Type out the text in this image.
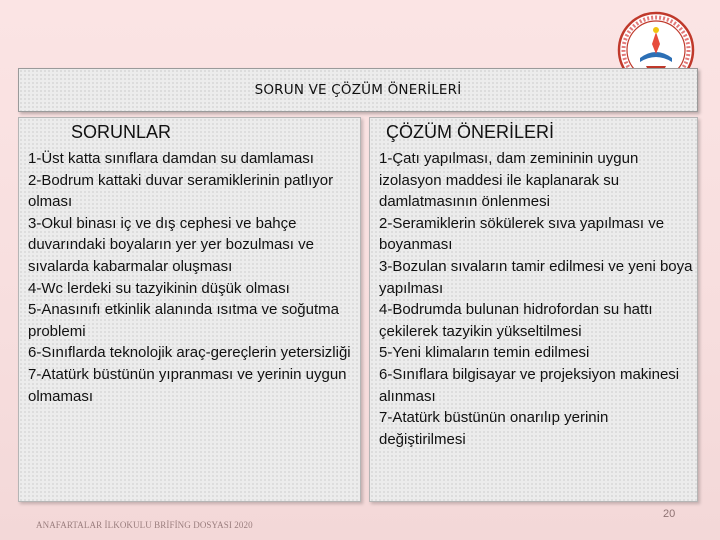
SORUN VE ÇÖZÜM ÖNERİLERİ
SORUNLAR
1-Üst katta sınıflara damdan su damlaması
2-Bodrum kattaki duvar seramiklerinin patlıyor olması
3-Okul binası iç ve dış cephesi ve bahçe duvarındaki boyaların yer yer bozulması ve sıvalarda kabarmalar oluşması
4-Wc lerdeki su tazyikinin düşük olması
5-Anasınıfı etkinlik alanında ısıtma ve soğutma problemi
6-Sınıflarda teknolojik araç-gereçlerin yetersizliği
7-Atatürk büstünün yıpranması ve yerinin uygun olmaması
ÇÖZÜM ÖNERİLERİ
1-Çatı yapılması, dam zemininin uygun izolasyon maddesi ile kaplanarak su damlatmasının önlenmesi
2-Seramiklerin sökülerek sıva yapılması ve boyanması
3-Bozulan sıvaların tamir edilmesi ve yeni boya yapılması
4-Bodrumda bulunan hidrofordan su hattı çekilerek tazyikin yükseltilmesi
5-Yeni klimaların temin edilmesi
6-Sınıflara bilgisayar ve projeksiyon makinesi alınması
7-Atatürk büstünün onarılıp yerinin değiştirilmesi
ANAFARTALAR İLKOKULU BRİFİNG DOSYASI 2020
20
